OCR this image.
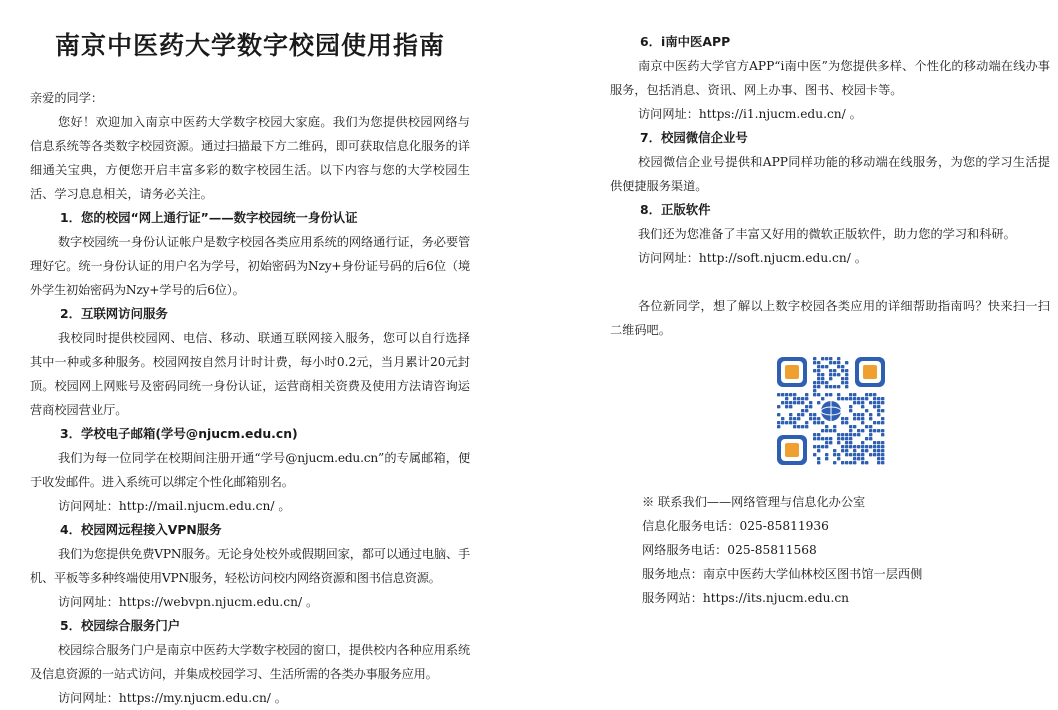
南京中医药大学数字校园使用指南

亲爱的同学：

您好！欢迎加入南京中医药大学数字校园大家庭。我们为您提供校园网络与信息系统等各类数字校园资源。通过扫描最下方二维码，即可获取信息化服务的详细通关宝典，方便您开启丰富多彩的数字校园生活。以下内容与您的大学校园生活、学习息息相关，请务必关注。

1．您的校园“网上通行证”——数字校园统一身份认证

数字校园统一身份认证帐户是数字校园各类应用系统的网络通行证，务必要管理好它。统一身份认证的用户名为学号，初始密码为Nzy+身份证号码的后6位（境外学生初始密码为Nzy+学号的后6位）。

2．互联网访问服务

我校同时提供校园网、电信、移动、联通互联网接入服务，您可以自行选择其中一种或多种服务。校园网按自然月计时计费，每小时0.2元，当月累计20元封顶。校园网上网账号及密码同统一身份认证，运营商相关资费及使用方法请咨询运营商校园营业厅。

3．学校电子邮箱(学号@njucm.edu.cn)

我们为每一位同学在校期间注册开通“学号@njucm.edu.cn”的专属邮箱，便于收发邮件。进入系统可以绑定个性化邮箱别名。

访问网址：http://mail.njucm.edu.cn/ 。

4．校园网远程接入VPN服务

我们为您提供免费VPN服务。无论身处校外或假期回家，都可以通过电脑、手机、平板等多种终端使用VPN服务，轻松访问校内网络资源和图书信息资源。

访问网址：https://webvpn.njucm.edu.cn/ 。

5．校园综合服务门户

校园综合服务门户是南京中医药大学数字校园的窗口，提供校内各种应用系统及信息资源的一站式访问，并集成校园学习、生活所需的各类办事服务应用。

访问网址：https://my.njucm.edu.cn/ 。

6．i南中医APP

南京中医药大学官方APP“i南中医”为您提供多样、个性化的移动端在线办事服务，包括消息、资讯、网上办事、图书、校园卡等。

访问网址：https://i1.njucm.edu.cn/ 。

7．校园微信企业号

校园微信企业号提供和APP同样功能的移动端在线服务，为您的学习生活提供便捷服务渠道。

8．正版软件

我们还为您准备了丰富又好用的微软正版软件，助力您的学习和科研。

访问网址：http://soft.njucm.edu.cn/ 。

各位新同学，想了解以上数字校园各类应用的详细帮助指南吗？快来扫一扫二维码吧。

※ 联系我们——网络管理与信息化办公室

信息化服务电话：025-85811936

网络服务电话：025-85811568

服务地点：南京中医药大学仙林校区图书馆一层西侧

服务网站：https://its.njucm.edu.cn
